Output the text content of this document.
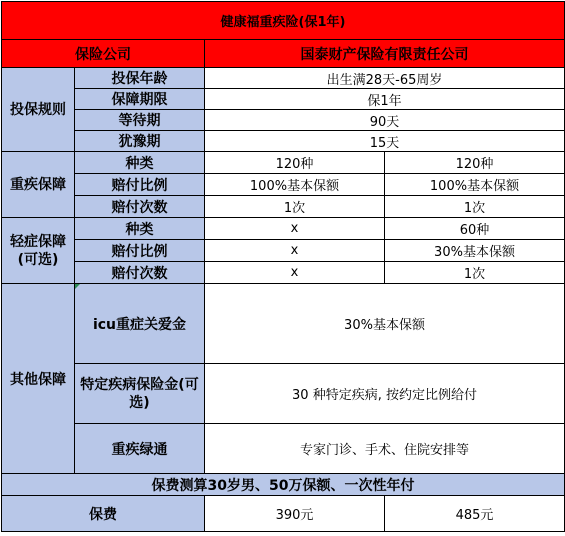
健康福重疾险(保1年)			
保险公司		国泰财产保险有限责任公司	
投保规则	投保年龄	出生满28天-65周岁	
	保障期限	保1年	
	等待期	90天	
	犹豫期	15天	
重疾保障	种类	120种	120种
	赔付比例	100%基本保额	100%基本保额
	赔付次数	1次	1次
轻症保障 (可选)	种类	x	60种
	赔付比例	x	30%基本保额
	赔付次数	x	1次
其他保障	icu重症关爱金	30%基本保额	
	特定疾病保险金(可选)	30 种特定疾病, 按约定比例给付	
	重疾绿通	专家门诊、手术、住院安排等	
保费测算30岁男、50万保额、一次性年付			
保费		390元	485元
